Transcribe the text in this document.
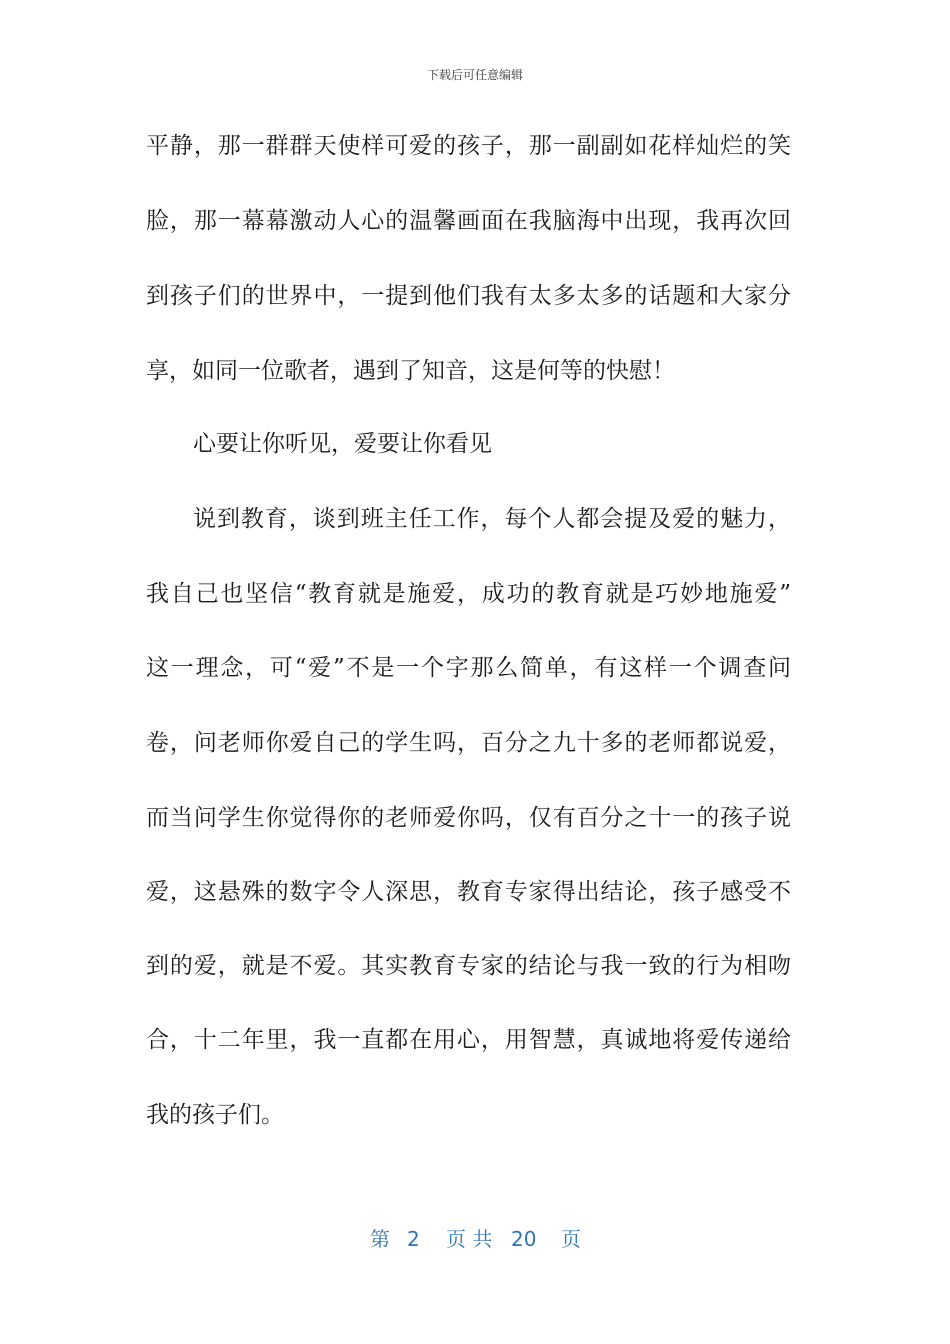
下载后可任意编辑
平静，那一群群天使样可爱的孩子，那一副副如花样灿烂的笑
脸，那一幕幕激动人心的温馨画面在我脑海中出现，我再次回
到孩子们的世界中，一提到他们我有太多太多的话题和大家分
享，如同一位歌者，遇到了知音，这是何等的快慰！
心要让你听见，爱要让你看见
说到教育，谈到班主任工作，每个人都会提及爱的魅力，
我自己也坚信“教育就是施爱，成功的教育就是巧妙地施爱”
这一理念，可“爱”不是一个字那么简单，有这样一个调查问
卷，问老师你爱自己的学生吗，百分之九十多的老师都说爱，
而当问学生你觉得你的老师爱你吗，仅有百分之十一的孩子说
爱，这悬殊的数字令人深思，教育专家得出结论，孩子感受不
到的爱，就是不爱。其实教育专家的结论与我一致的行为相吻
合，十二年里，我一直都在用心，用智慧，真诚地将爱传递给
我的孩子们。
第 2 页 共 20 页
